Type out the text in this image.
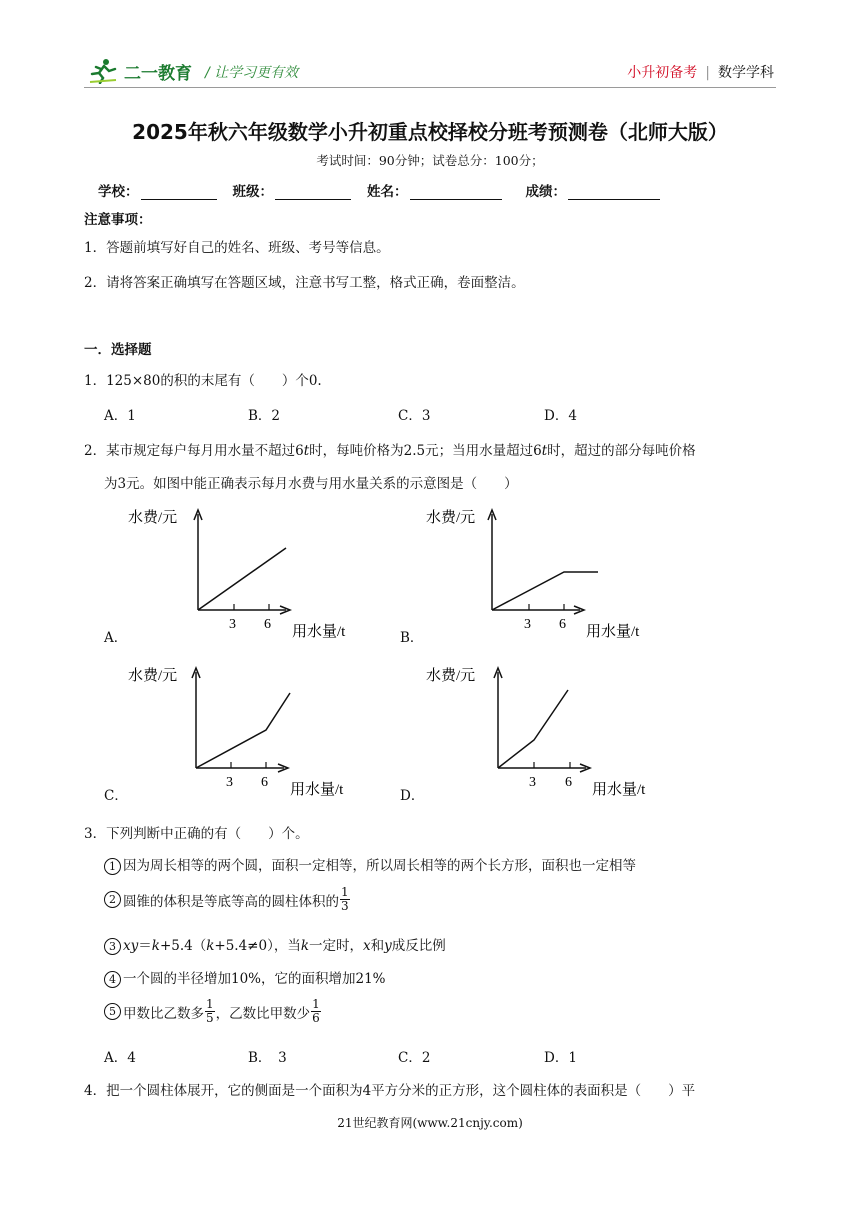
二一教育 / 让学习更有效	小升初备考 | 数学学科
2025年秋六年级数学小升初重点校择校分班考预测卷（北师大版）
考试时间：90分钟；试卷总分：100分；
学校：	班级：	姓名：	成绩：
注意事项：
1．答题前填写好自己的姓名、班级、考号等信息。
2．请将答案正确填写在答题区域，注意书写工整，格式正确，卷面整洁。
一．选择题
1．125×80的积的末尾有（　　）个0.
A．1	B．2	C．3	D．4
2．某市规定每户每月用水量不超过6t时，每吨价格为2.5元；当用水量超过6t时，超过的部分每吨价格
为3元。如图中能正确表示每月水费与用水量关系的示意图是（　　）
A．
水费/元
3 6 用水量/t	B．
水费/元
3 6 用水量/t
C．
水费/元
3 6 用水量/t	D．
水费/元
3 6 用水量/t
3．下列判断中正确的有（　　）个。
1 因为周长相等的两个圆，面积一定相等，所以周长相等的两个长方形，面积也一定相等
2 圆锥的体积是等底等高的圆柱体积的 $\frac{1}{3}$
3 xy＝k+5.4（k+5.4≠0），当k一定时，x和y成反比例
4 一个圆的半径增加10%，它的面积增加21%
5 甲数比乙数多 $\frac{1}{5}$ ，乙数比甲数少 $\frac{1}{6}$
A．4	B．　3	C．2	D．1
4．把一个圆柱体展开，它的侧面是一个面积为4平方分米的正方形，这个圆柱体的表面积是（　　）平
21世纪教育网(www.21cnjy.com)
